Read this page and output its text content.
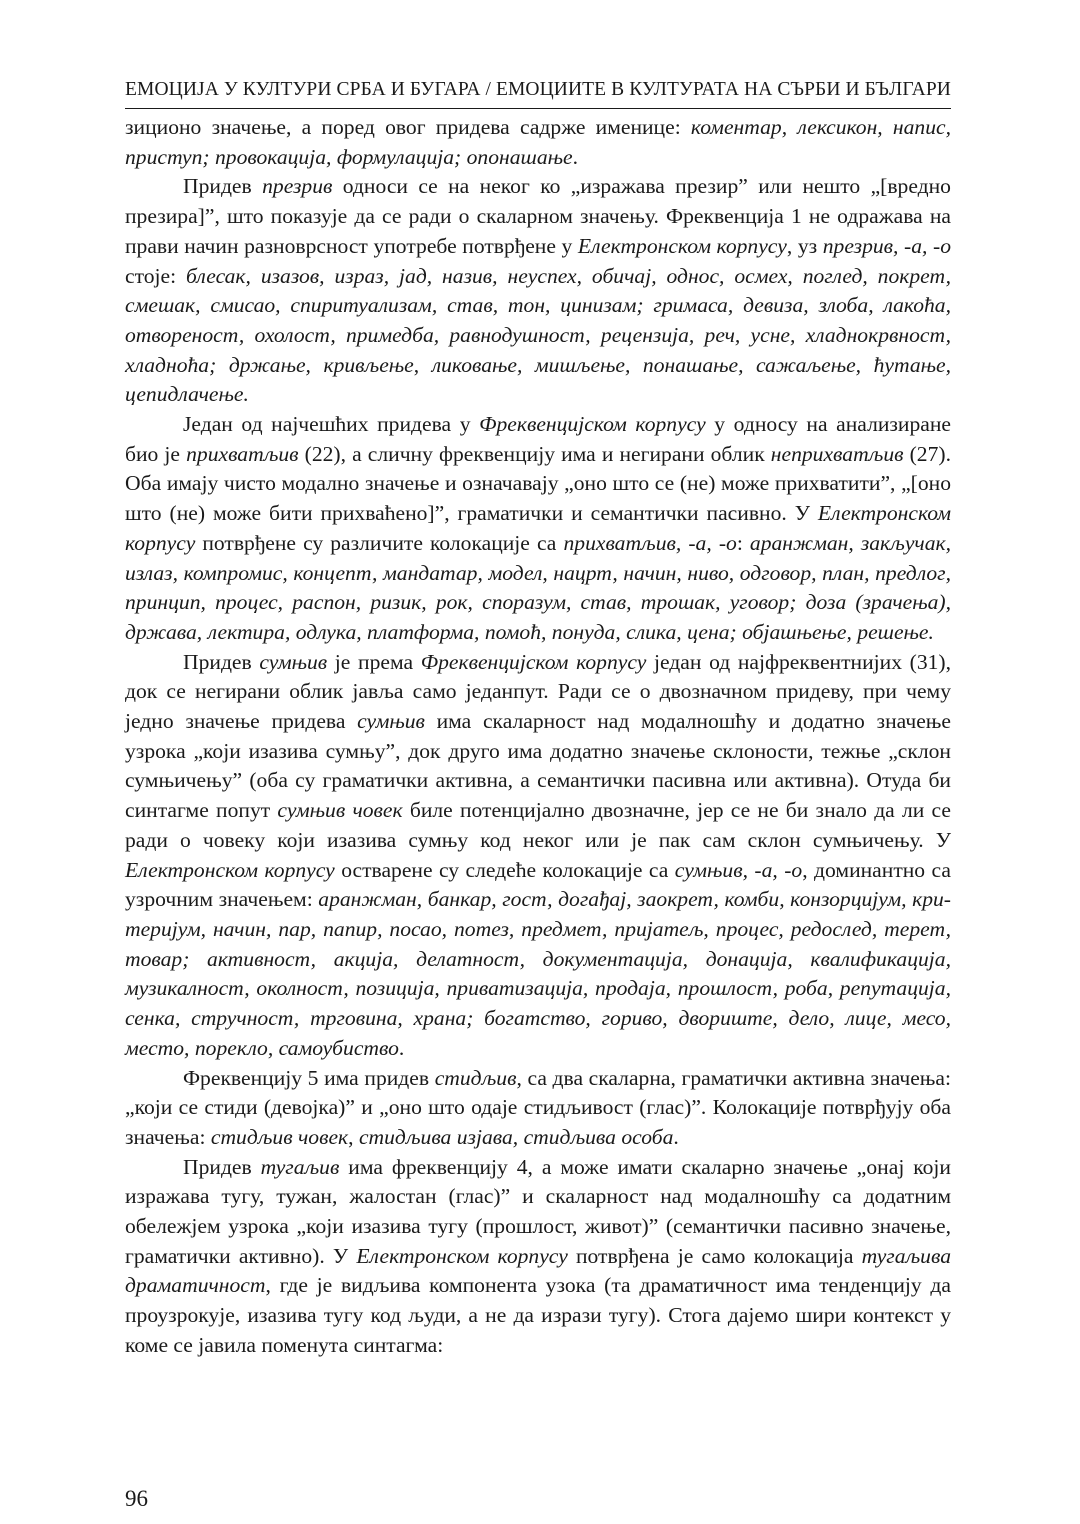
ЕМОЦИЈА У КУЛТУРИ СРБА И БУГАРА / ЕМОЦИИТЕ В КУЛТУРАТА НА СЪРБИ И БЪЛГАРИ

зиционо значење, а поред овог придева садрже именице: коментар, лексикон, напис, приступ; провокација, формулација; опонашање.

Придев презрив односи се на неког ко „изражава презир” или нешто „[вредно презира]”, што показује да се ради о скаларном значењу. Фреквенција 1 не одражава на прави начин разноврсност употребе потврђене у Електронском корпусу, уз презрив, -а, -о стоје: блесак, изазов, израз, јад, назив, неуспех, обичај, однос, осмех, поглед, покрет, смешак, смисао, спиритуализам, став, тон, цинизам; гримаса, девиза, злоба, лакоћа, отвореност, охолост, примедба, равнодушност, рецензија, реч, усне, хладнокрвност, хладноћа; држање, кривљење, ликовање, мишљење, понашање, сажаљење, ћутање, цепидлачење.

Један од најчешћих придева у Фреквенцијском корпусу у односу на анализиране био је прихватљив (22), а сличну фреквенцију има и негирани облик неприхватљив (27). Оба имају чисто модално значење и означавају „оно што се (не) може прихватити”, „[оно што (не) може бити прихваћено]”, граматички и семантички пасивно. У Електронском корпусу потврђене су различите колокације са прихватљив, -а, -о: аранжман, закључак, излаз, компромис, концепт, мандатар, модел, нацрт, начин, ниво, одговор, план, предлог, принцип, процес, распон, ризик, рок, споразум, став, трошак, уговор; доза (зрачења), држава, лектира, одлука, платформа, помоћ, понуда, слика, цена; објашњење, решење.

Придев сумњив је према Фреквенцијском корпусу један од најфреквентнијих (31), док се негирани облик јавља само једанпут. Ради се о двозначном придеву, при чему једно значење придева сумњив има скаларност над модалношћу и додатно значење узрока „који изазива сумњу”, док друго има додатно значење склоности, тежње „склон сумњичењу” (оба су граматички активна, а семантички пасивна или активна). Отуда би синтагме попут сумњив човек биле потенцијално двозначне, јер се не би знало да ли се ради о човеку који изазива сумњу код неког или је пак сам склон сумњичењу. У Електронском корпусу остварене су следеће колокације са сумњив, -а, -о, доминантно са узрочним значењем: аранжман, банкар, гост, догађај, заокрет, комби, конзорцијум, критеријум, начин, пар, папир, посао, потез, предмет, пријатељ, процес, редослед, терет, товар; активност, акција, делатност, документација, донација, квалификација, музикалност, околност, позиција, приватизација, продаја, прошлост, роба, репутација, сенка, стручност, трговина, храна; богатство, гориво, двориште, дело, лице, месо, место, порекло, самоубиство.

Фреквенцију 5 има придев стидљив, са два скаларна, граматички активна значења: „који се стиди (девојка)” и „оно што одаје стидљивост (глас)”. Колокације потврђују оба значења: стидљив човек, стидљива изјава, стидљива особа.

Придев тугаљив има фреквенцију 4, а може имати скаларно значење „онај који изражава тугу, тужан, жалостан (глас)” и скаларност над модалношћу са додатним обележјем узрока „који изазива тугу (прошлост, живот)” (семантички пасивно значење, граматички активно). У Електронском корпусу потврђена је само колокација тугаљива драматичност, где је видљива компонента узока (та драматичност има тенденцију да проузрокује, изазива тугу код људи, а не да изрази тугу). Стога дајемо шири контекст у коме се јавила поменута синтагма:

96
